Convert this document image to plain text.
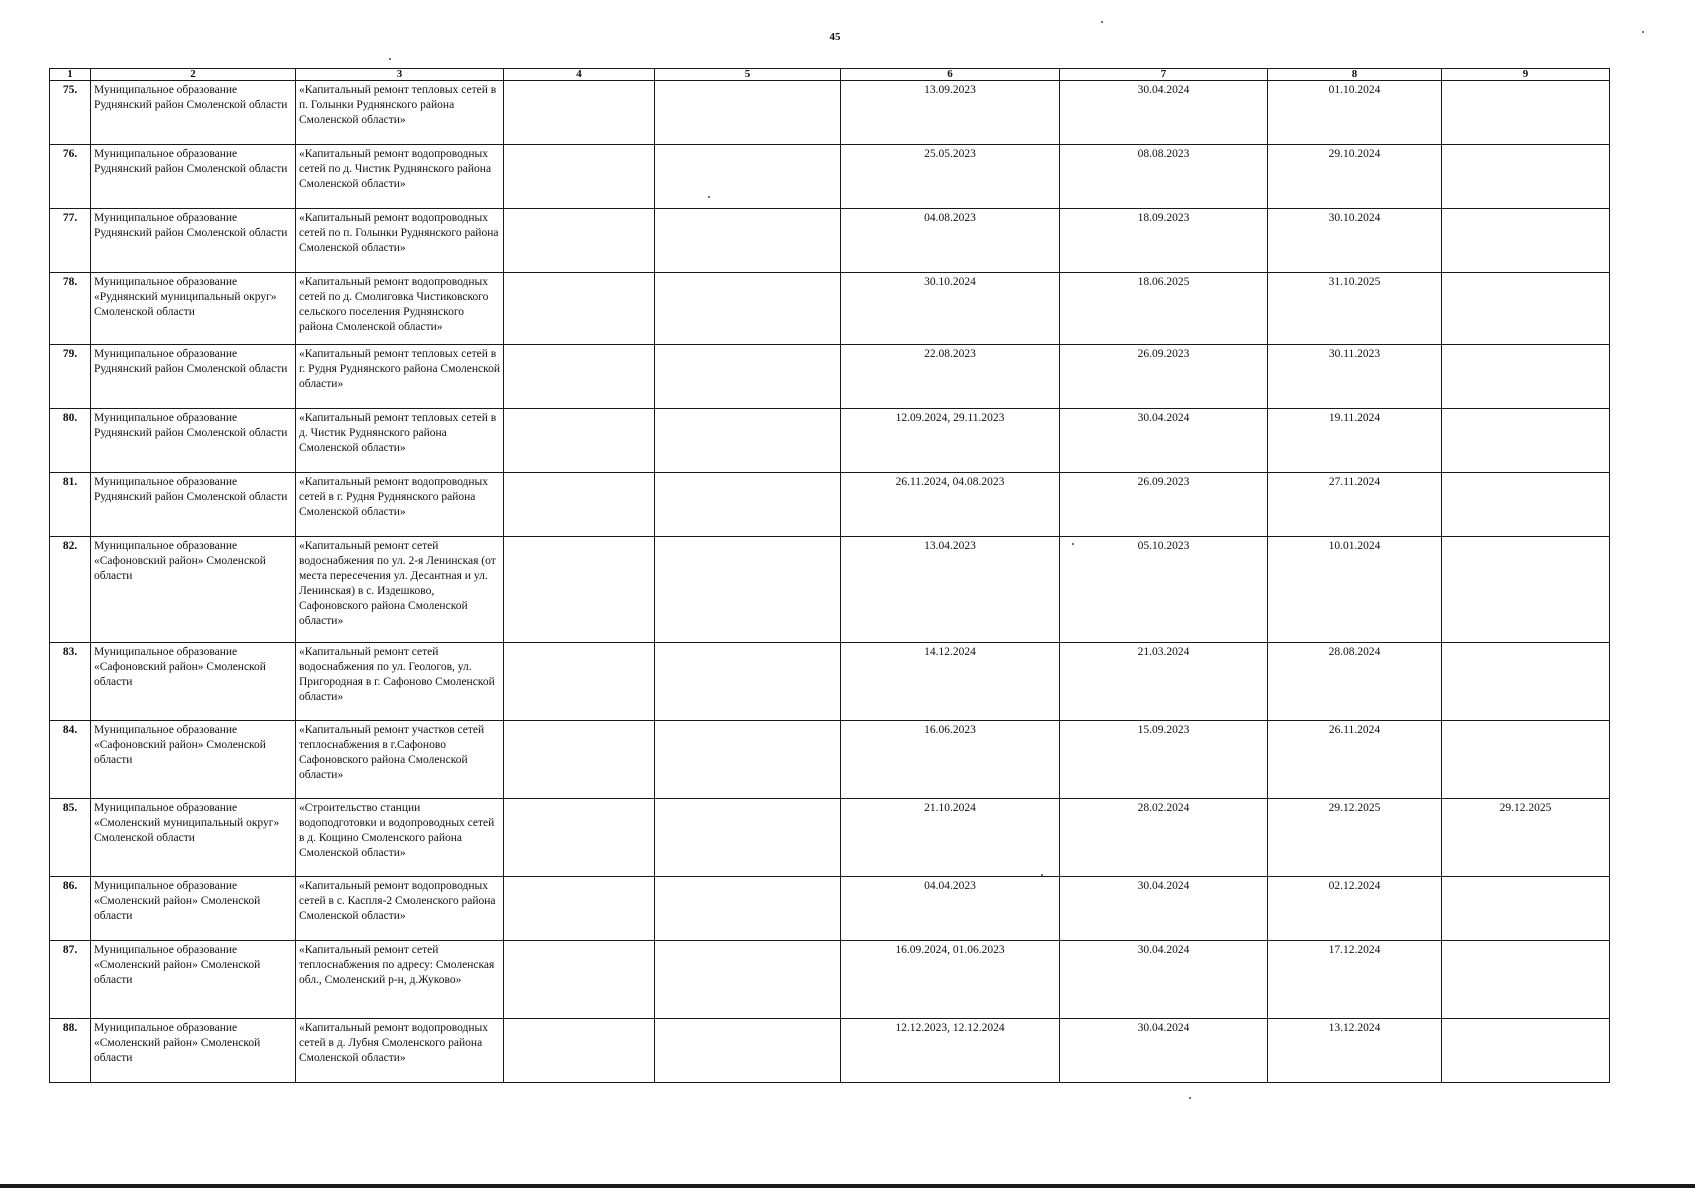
45
1	2	3	4	5	6	7	8	9
75.	Муниципальное образование Руднянский район Смоленской области	«Капитальный ремонт тепловых сетей в п. Голынки Руднянского района Смоленской области»			13.09.2023	30.04.2024	01.10.2024	
76.	Муниципальное образование Руднянский район Смоленской области	«Капитальный ремонт водопроводных сетей по д. Чистик Руднянского района Смоленской области»			25.05.2023	08.08.2023	29.10.2024	
77.	Муниципальное образование Руднянский район Смоленской области	«Капитальный ремонт водопроводных сетей по п. Голынки Руднянского района Смоленской области»			04.08.2023	18.09.2023	30.10.2024	
78.	Муниципальное образование «Руднянский муниципальный округ» Смоленской области	«Капитальный ремонт водопроводных сетей по д. Смолиговка Чистиковского сельского поселения Руднянского района Смоленской области»			30.10.2024	18.06.2025	31.10.2025	
79.	Муниципальное образование Руднянский район Смоленской области	«Капитальный ремонт тепловых сетей в г. Рудня Руднянского района Смоленской области»			22.08.2023	26.09.2023	30.11.2023	
80.	Муниципальное образование Руднянский район Смоленской области	«Капитальный ремонт тепловых сетей в д. Чистик Руднянского района Смоленской области»			12.09.2024, 29.11.2023	30.04.2024	19.11.2024	
81.	Муниципальное образование Руднянский район Смоленской области	«Капитальный ремонт водопроводных сетей в г. Рудня Руднянского района Смоленской области»			26.11.2024, 04.08.2023	26.09.2023	27.11.2024	
82.	Муниципальное образование «Сафоновский район» Смоленской области	«Капитальный ремонт сетей водоснабжения по ул. 2-я Ленинская (от места пересечения ул. Десантная и ул. Ленинская) в с. Издешково, Сафоновского района Смоленской области»			13.04.2023	05.10.2023	10.01.2024	
83.	Муниципальное образование «Сафоновский район» Смоленской области	«Капитальный ремонт сетей водоснабжения по ул. Геологов, ул. Пригородная в г. Сафоново Смоленской области»			14.12.2024	21.03.2024	28.08.2024	
84.	Муниципальное образование «Сафоновский район» Смоленской области	«Капитальный ремонт участков сетей теплоснабжения в г.Сафоново Сафоновского района Смоленской области»			16.06.2023	15.09.2023	26.11.2024	
85.	Муниципальное образование «Смоленский муниципальный округ» Смоленской области	«Строительство станции водоподготовки и водопроводных сетей в д. Кощино Смоленского района Смоленской области»			21.10.2024	28.02.2024	29.12.2025	29.12.2025
86.	Муниципальное образование «Смоленский район» Смоленской области	«Капитальный ремонт водопроводных сетей в с. Каспля-2 Смоленского района Смоленской области»			04.04.2023	30.04.2024	02.12.2024	
87.	Муниципальное образование «Смоленский район» Смоленской области	«Капитальный ремонт сетей теплоснабжения по адресу: Смоленская обл., Смоленский р-н, д.Жуково»			16.09.2024, 01.06.2023	30.04.2024	17.12.2024	
88.	Муниципальное образование «Смоленский район» Смоленской области	«Капитальный ремонт водопроводных сетей в д. Лубня Смоленского района Смоленской области»			12.12.2023, 12.12.2024	30.04.2024	13.12.2024	
